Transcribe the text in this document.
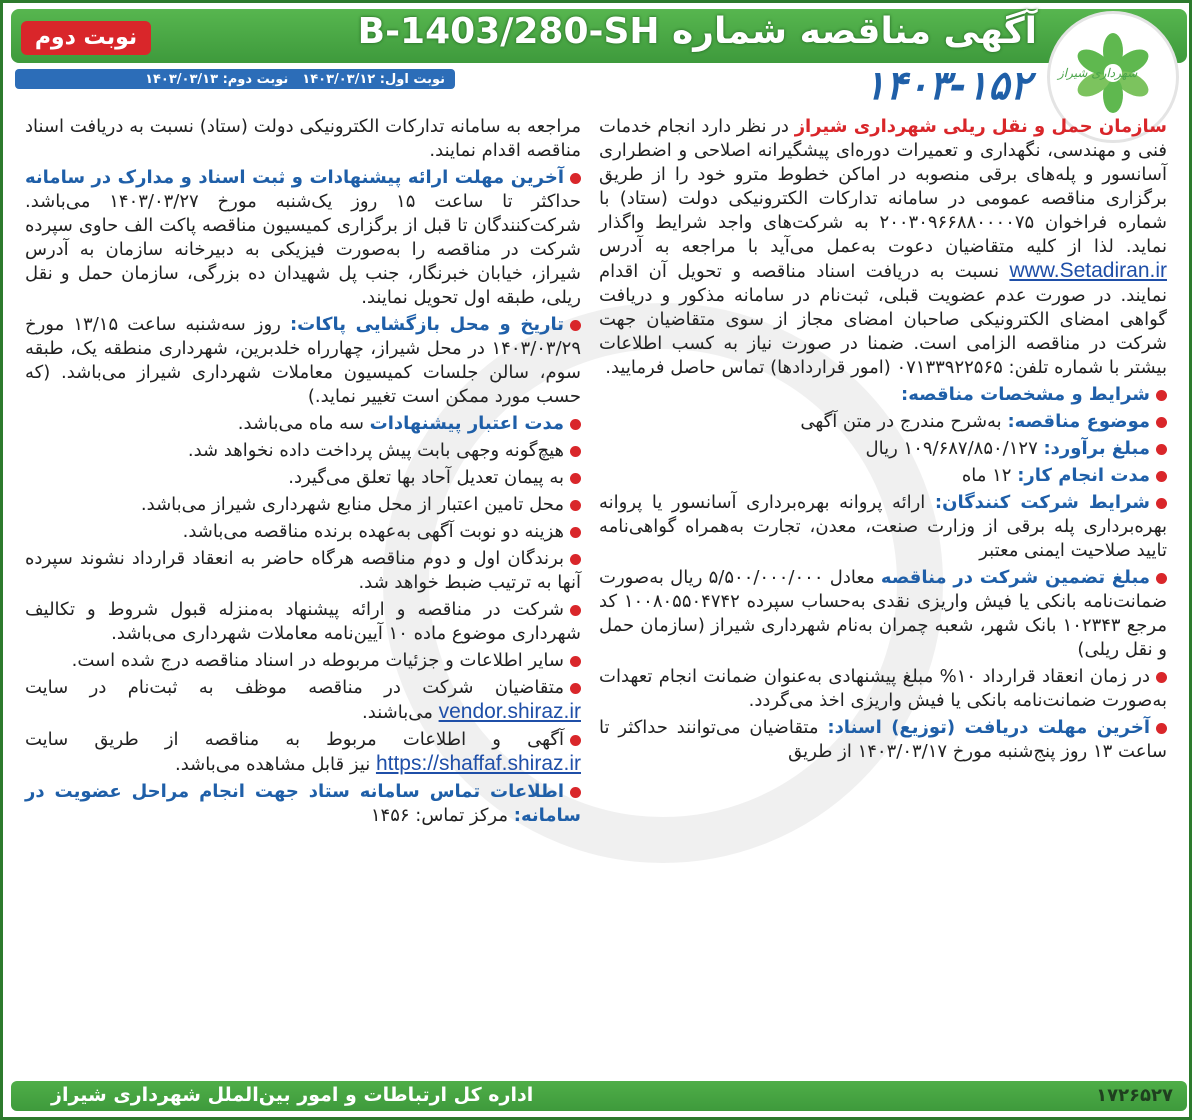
آگهی مناقصه شماره B-1403/280-SH
نوبت دوم
شهرداری شیراز
نوبت اول: ۱۴۰۳/۰۳/۱۲
نوبت دوم: ۱۴۰۳/۰۳/۱۳	۱۴۰۳-۱۵۲

سازمان حمل و نقل ریلی شهرداری شیراز در نظر دارد انجام خدمات فنی و مهندسی، نگهداری و تعمیرات دوره‌ای پیشگیرانه اصلاحی و اضطراری آسانسور و پله‌های برقی منصوبه در اماکن خطوط مترو خود را از طریق برگزاری مناقصه عمومی در سامانه تدارکات الکترونیکی دولت (ستاد) با شماره فراخوان ۲۰۰۳۰۹۶۶۸۸۰۰۰۰۷۵ به شرکت‌های واجد شرایط واگذار نماید. لذا از کلیه متقاضیان دعوت به‌عمل می‌آید با مراجعه به آدرس www.Setadiran.ir نسبت به دریافت اسناد مناقصه و تحویل آن اقدام نمایند. در صورت عدم عضویت قبلی، ثبت‌نام در سامانه مذکور و دریافت گواهی امضای الکترونیکی صاحبان امضای مجاز از سوی متقاضیان جهت شرکت در مناقصه الزامی است. ضمنا در صورت نیاز به کسب اطلاعات بیشتر با شماره تلفن: ۰۷۱۳۳۹۲۲۵۶۵ (امور قراردادها) تماس حاصل فرمایید.

شرایط و مشخصات مناقصه:

موضوع مناقصه: به‌شرح مندرج در متن آگهی

مبلغ برآورد: ۱۰۹/۶۸۷/۸۵۰/۱۲۷ ریال

مدت انجام کار: ۱۲ ماه

شرایط شرکت کنندگان: ارائه پروانه بهره‌برداری آسانسور یا پروانه بهره‌برداری پله برقی از وزارت صنعت، معدن، تجارت به‌همراه گواهی‌نامه تایید صلاحیت ایمنی معتبر

مبلغ تضمین شرکت در مناقصه معادل ۵/۵۰۰/۰۰۰/۰۰۰ ریال به‌صورت ضمانت‌نامه بانکی یا فیش واریزی نقدی به‌حساب سپرده ۱۰۰۸۰۵۵۰۴۷۴۲ کد مرجع ۱۰۲۳۴۳ بانک شهر، شعبه چمران به‌نام شهرداری شیراز (سازمان حمل و نقل ریلی)

در زمان انعقاد قرارداد ۱۰% مبلغ پیشنهادی به‌عنوان ضمانت انجام تعهدات به‌صورت ضمانت‌نامه بانکی یا فیش واریزی اخذ می‌گردد.

آخرین مهلت دریافت (توزیع) اسناد: متقاضیان می‌توانند حداکثر تا ساعت ۱۳ روز پنج‌شنبه مورخ ۱۴۰۳/۰۳/۱۷ از طریق

مراجعه به سامانه تدارکات الکترونیکی دولت (ستاد) نسبت به دریافت اسناد مناقصه اقدام نمایند.

آخرین مهلت ارائه پیشنهادات و ثبت اسناد و مدارک در سامانه حداکثر تا ساعت ۱۵ روز یک‌شنبه مورخ ۱۴۰۳/۰۳/۲۷ می‌باشد. شرکت‌کنندگان تا قبل از برگزاری کمیسیون مناقصه پاکت الف حاوی سپرده شرکت در مناقصه را به‌صورت فیزیکی به دبیرخانه سازمان به آدرس شیراز، خیابان خبرنگار، جنب پل شهیدان ده بزرگی، سازمان حمل و نقل ریلی، طبقه اول تحویل نمایند.

تاریخ و محل بازگشایی پاکات: روز سه‌شنبه ساعت ۱۳/۱۵ مورخ ۱۴۰۳/۰۳/۲۹ در محل شیراز، چهارراه خلدبرین، شهرداری منطقه یک، طبقه سوم، سالن جلسات کمیسیون معاملات شهرداری شیراز می‌باشد. (که حسب مورد ممکن است تغییر نماید.)

مدت اعتبار پیشنهادات سه ماه می‌باشد.

هیچ‌گونه وجهی بابت پیش پرداخت داده نخواهد شد.

به پیمان تعدیل آحاد بها تعلق می‌گیرد.

محل تامین اعتبار از محل منابع شهرداری شیراز می‌باشد.

هزینه دو نوبت آگهی به‌عهده برنده مناقصه می‌باشد.

برندگان اول و دوم مناقصه هرگاه حاضر به انعقاد قرارداد نشوند سپرده آنها به ترتیب ضبط خواهد شد.

شرکت در مناقصه و ارائه پیشنهاد به‌منزله قبول شروط و تکالیف شهرداری موضوع ماده ۱۰ آیین‌نامه معاملات شهرداری می‌باشد.

سایر اطلاعات و جزئیات مربوطه در اسناد مناقصه درج شده است.

متقاضیان شرکت در مناقصه موظف به ثبت‌نام در سایت vendor.shiraz.ir می‌باشند.

آگهی و اطلاعات مربوط به مناقصه از طریق سایت https://shaffaf.shiraz.ir نیز قابل مشاهده می‌باشد.

اطلاعات تماس سامانه ستاد جهت انجام مراحل عضویت در سامانه: مرکز تماس: ۱۴۵۶

اداره کل ارتباطات و امور بین‌الملل شهرداری شیراز	۱۷۲۶۵۲۷
